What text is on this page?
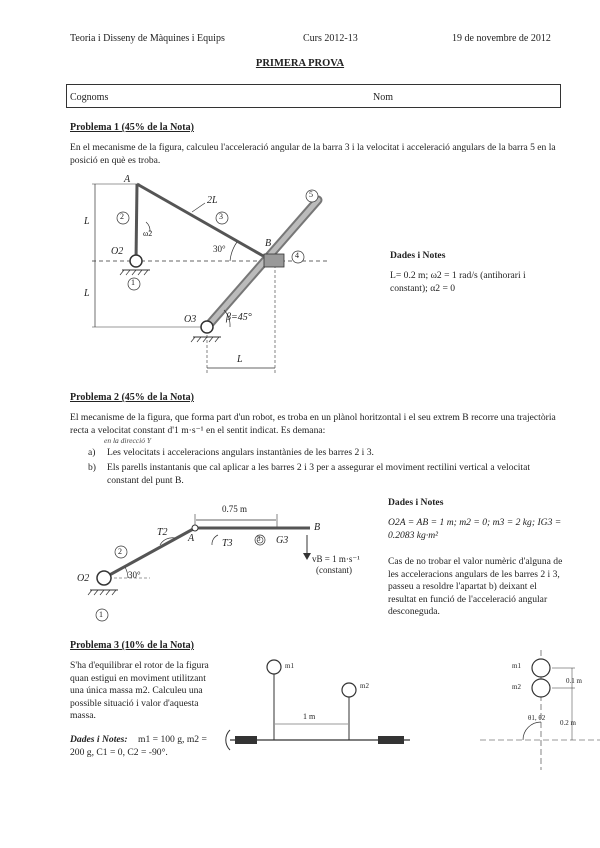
Teoria i Disseny de Màquines i Equips	Curs 2012-13	19 de novembre de 2012
PRIMERA PROVA
Cognoms	Nom
Problema 1 (45% de la Nota)
En el mecanisme de la figura, calculeu l'acceleració angular de la barra 3 i la velocitat i acceleració angulars de la barra 5 en la posició en què es troba.
A
B
O2
O3
L
L
L
2L
30°
β=45°
ω2
1
2	3
4
5
Dades i Notes
L= 0.2 m; ω2 = 1 rad/s (antihorari i constant); α2 = 0
Problema 2 (45% de la Nota)
El mecanisme de la figura, que forma part d'un robot, es troba en un plànol horitzontal i el seu extrem B recorre una trajectòria recta a velocitat constant d'1 m·s⁻¹ en el sentit indicat. Es demana:
en la direcció Y
a) Les velocitats i acceleracions angulars instantànies de les barres 2 i 3.
b) Els parells instantanis que cal aplicar a les barres 2 i 3 per a assegurar el moviment rectilini vertical a velocitat constant del punt B.
0.75 m
A
B
O2
T2
T3	G3
30°
vB = 1 m·s⁻¹
(constant)
1
2
3
Dades i Notes
O2A = AB = 1 m; m2 = 0; m3 = 2 kg; IG3 = 0.2083 kg·m²
Cas de no trobar el valor numèric d'alguna de les acceleracions angulars de les barres 2 i 3, passeu a resoldre l'apartat b) deixant el resultat en funció de l'acceleració angular desconeguda.
Problema 3 (10% de la Nota)
S'ha d'equilibrar el rotor de la figura quan estigui en moviment utilitzant una única massa m2. Calculeu una possible situació i valor d'aquesta massa.
Dades i Notes:	m1 = 100 g, m2 = 200 g, C1 = 0, C2 = -90°.
m1
m2
1 m
m1
m2
0.1 m
0.2 m
θ1, θ2
